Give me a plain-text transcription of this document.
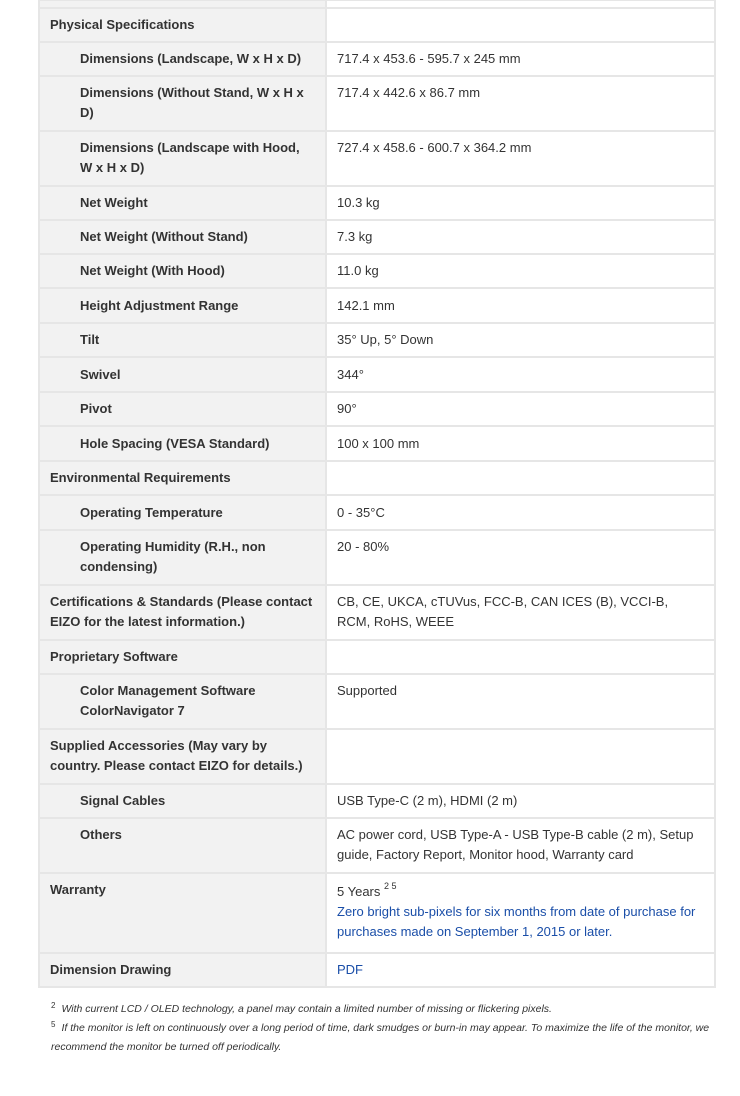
Physical Specifications	

Dimensions (Landscape, W x H x D)	717.4 x 453.6 - 595.7 x 245 mm

Dimensions (Without Stand, W x H x D)	717.4 x 442.6 x 86.7 mm

Dimensions (Landscape with Hood, W x H x D)	727.4 x 458.6 - 600.7 x 364.2 mm

Net Weight	10.3 kg

Net Weight (Without Stand)	7.3 kg

Net Weight (With Hood)	11.0 kg

Height Adjustment Range	142.1 mm

Tilt	35° Up, 5° Down

Swivel	344°

Pivot	90°

Hole Spacing (VESA Standard)	100 x 100 mm

Environmental Requirements	

Operating Temperature	0 - 35°C

Operating Humidity (R.H., non condensing)	20 - 80%

Certifications & Standards (Please contact EIZO for the latest information.)	CB, CE, UKCA, cTUVus, FCC-B, CAN ICES (B), VCCI-B, RCM, RoHS, WEEE

Proprietary Software	

Color Management Software ColorNavigator 7	Supported

Supplied Accessories (May vary by country. Please contact EIZO for details.)	

Signal Cables	USB Type-C (2 m), HDMI (2 m)

Others	AC power cord, USB Type-A - USB Type-B cable (2 m), Setup guide, Factory Report, Monitor hood, Warranty card

Warranty	5 Years $^{2 5}$
Zero bright sub-pixels for six months from date of purchase for purchases made on September 1, 2015 or later.

Dimension Drawing	PDF
$^2$ With current LCD / OLED technology, a panel may contain a limited number of missing or flickering pixels.
$^5$ If the monitor is left on continuously over a long period of time, dark smudges or burn-in may appear. To maximize the life of the monitor, we recommend the monitor be turned off periodically.
